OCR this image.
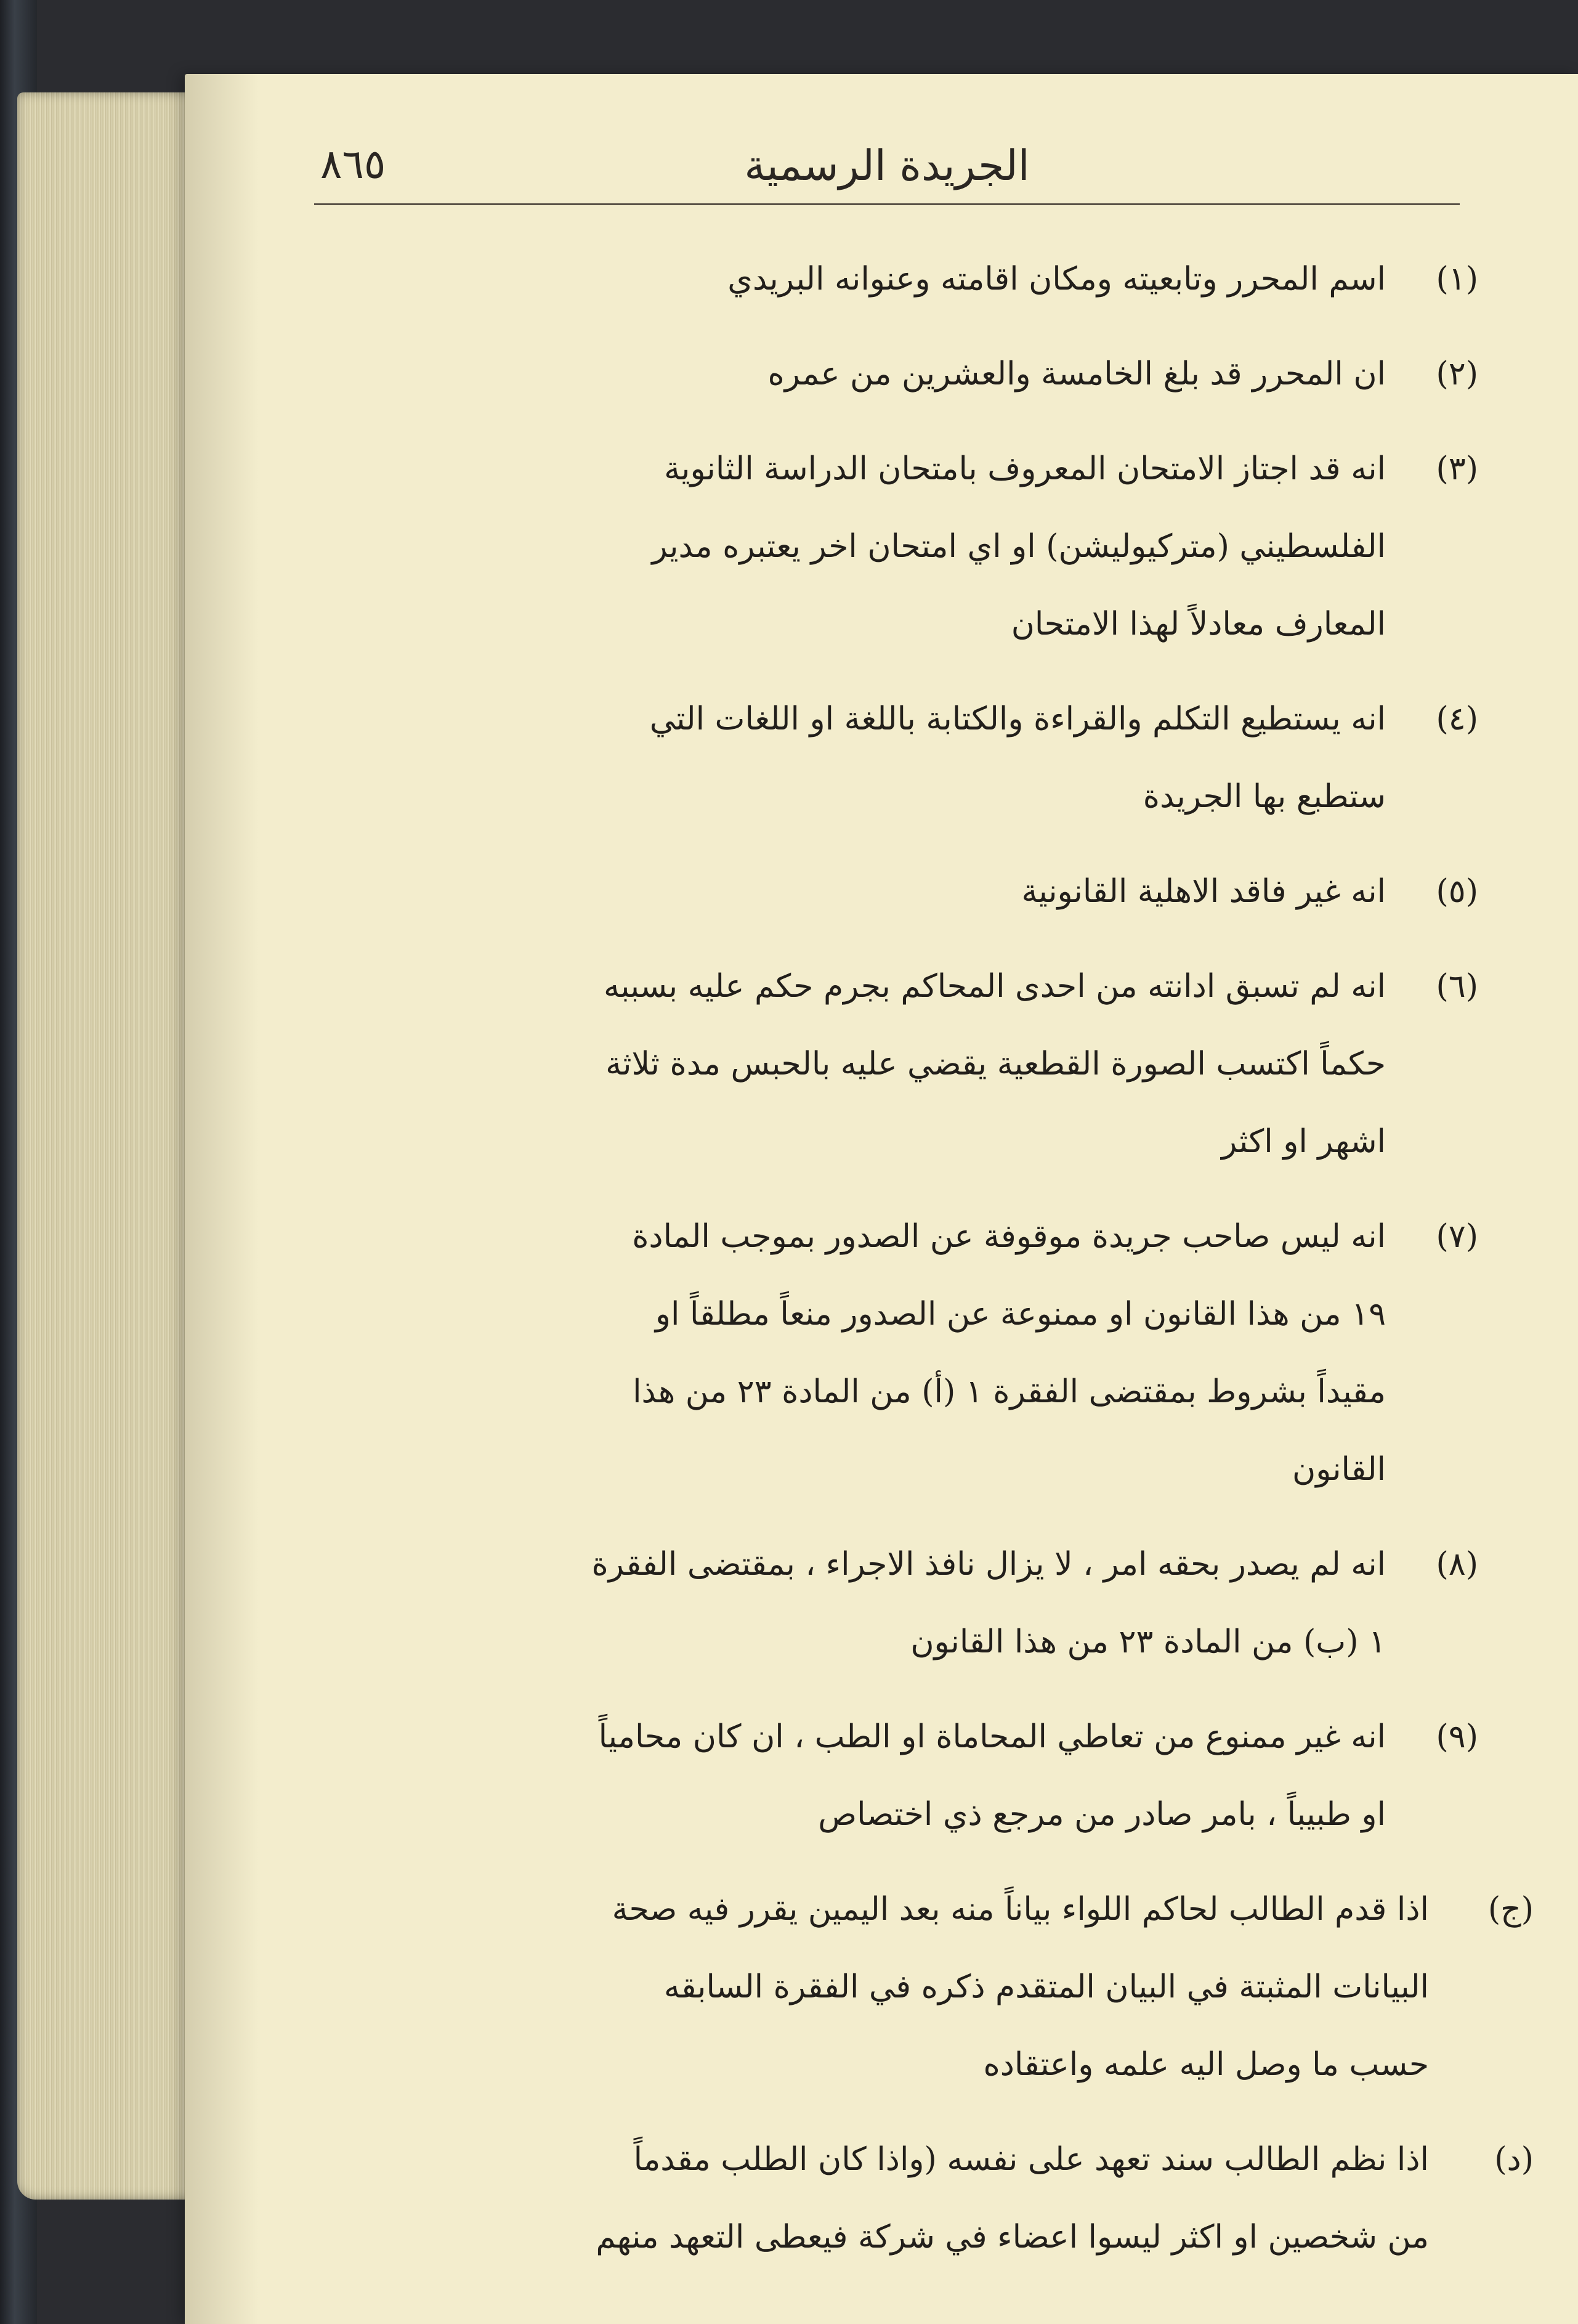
الجريدة الرسمية
٨٦٥
(١)
اسم المحرر وتابعيته ومكان اقامته وعنوانه البريدي
(٢)
ان المحرر قد بلغ الخامسة والعشرين من عمره
(٣)
انه قد اجتاز الامتحان المعروف بامتحان الدراسة الثانوية الفلسطيني (متركيوليشن) او اي امتحان اخر يعتبره مدير المعارف معادلاً لهذا الامتحان
(٤)
انه يستطيع التكلم والقراءة والكتابة باللغة او اللغات التي ستطبع بها الجريدة
(٥)
انه غير فاقد الاهلية القانونية
(٦)
انه لم تسبق ادانته من احدى المحاكم بجرم حكم عليه بسببه حكماً اكتسب الصورة القطعية يقضي عليه بالحبس مدة ثلاثة اشهر او اكثر
(٧)
انه ليس صاحب جريدة موقوفة عن الصدور بموجب المادة ١٩ من هذا القانون او ممنوعة عن الصدور منعاً مطلقاً او مقيداً بشروط بمقتضى الفقرة ١ (أ) من المادة ٢٣ من هذا القانون
(٨)
انه لم يصدر بحقه امر ، لا يزال نافذ الاجراء ، بمقتضى الفقرة ١ (ب) من المادة ٢٣ من هذا القانون
(٩)
انه غير ممنوع من تعاطي المحاماة او الطب ، ان كان محامياً او طبيباً ، بامر صادر من مرجع ذي اختصاص
(ج)
اذا قدم الطالب لحاكم اللواء بياناً منه بعد اليمين يقرر فيه صحة البيانات المثبتة في البيان المتقدم ذكره في الفقرة السابقه حسب ما وصل اليه علمه واعتقاده
(د)
اذا نظم الطالب سند تعهد على نفسه (واذا كان الطلب مقدماً من شخصين او اكثر ليسوا اعضاء في شركة فيعطى التعهد منهم
